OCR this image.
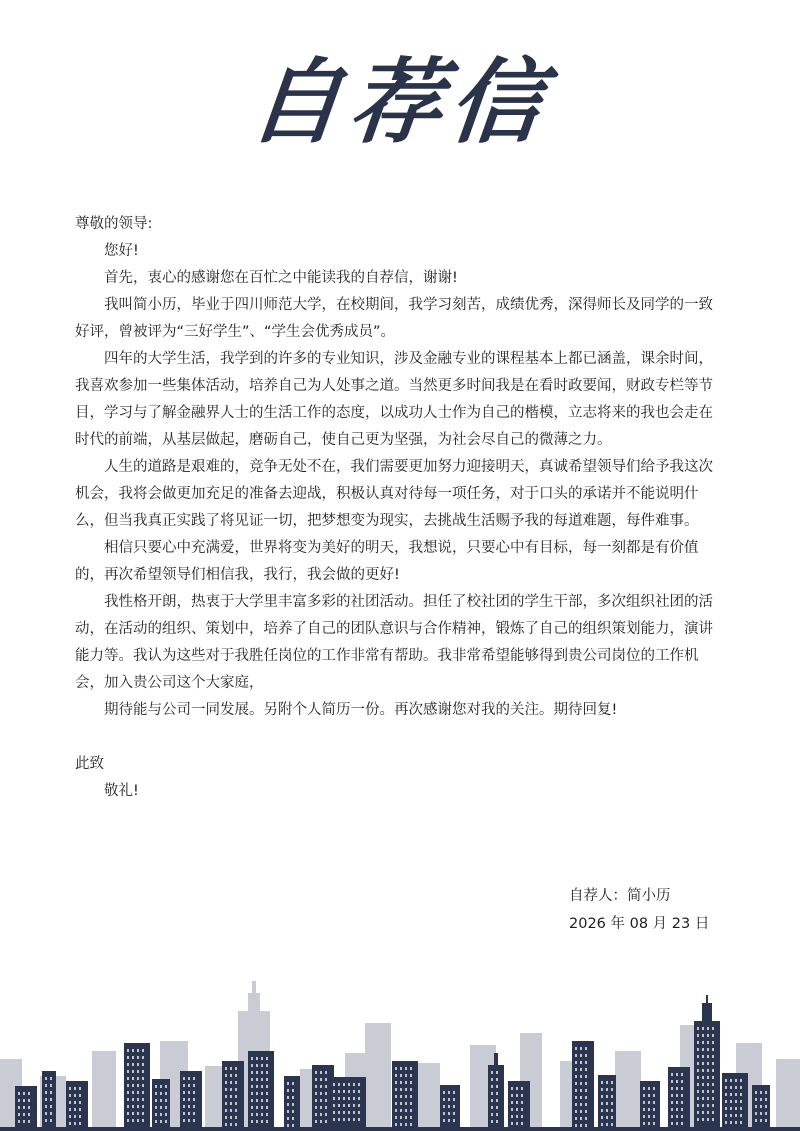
自荐信

尊敬的领导:

您好!

首先，衷心的感谢您在百忙之中能读我的自荐信，谢谢!

我叫简小历，毕业于四川师范大学，在校期间，我学习刻苦，成绩优秀，深得师长及同学的一致好评，曾被评为“三好学生”、“学生会优秀成员”。

四年的大学生活，我学到的许多的专业知识，涉及金融专业的课程基本上都已涵盖，课余时间，我喜欢参加一些集体活动，培养自己为人处事之道。当然更多时间我是在看时政要闻，财政专栏等节目，学习与了解金融界人士的生活工作的态度，以成功人士作为自己的楷模，立志将来的我也会走在时代的前端，从基层做起，磨砺自己，使自己更为坚强，为社会尽自己的微薄之力。

人生的道路是艰难的，竞争无处不在，我们需要更加努力迎接明天，真诚希望领导们给予我这次机会，我将会做更加充足的准备去迎战，积极认真对待每一项任务，对于口头的承诺并不能说明什么，但当我真正实践了将见证一切，把梦想变为现实，去挑战生活赐予我的每道难题，每件难事。

相信只要心中充满爱，世界将变为美好的明天，我想说，只要心中有目标，每一刻都是有价值的，再次希望领导们相信我，我行，我会做的更好!

我性格开朗，热衷于大学里丰富多彩的社团活动。担任了校社团的学生干部，多次组织社团的活动，在活动的组织、策划中，培养了自己的团队意识与合作精神，锻炼了自己的组织策划能力，演讲能力等。我认为这些对于我胜任岗位的工作非常有帮助。我非常希望能够得到贵公司岗位的工作机会，加入贵公司这个大家庭，

期待能与公司一同发展。另附个人简历一份。再次感谢您对我的关注。期待回复!

此致

敬礼!

自荐人：简小历
2026 年 08 月 23 日
